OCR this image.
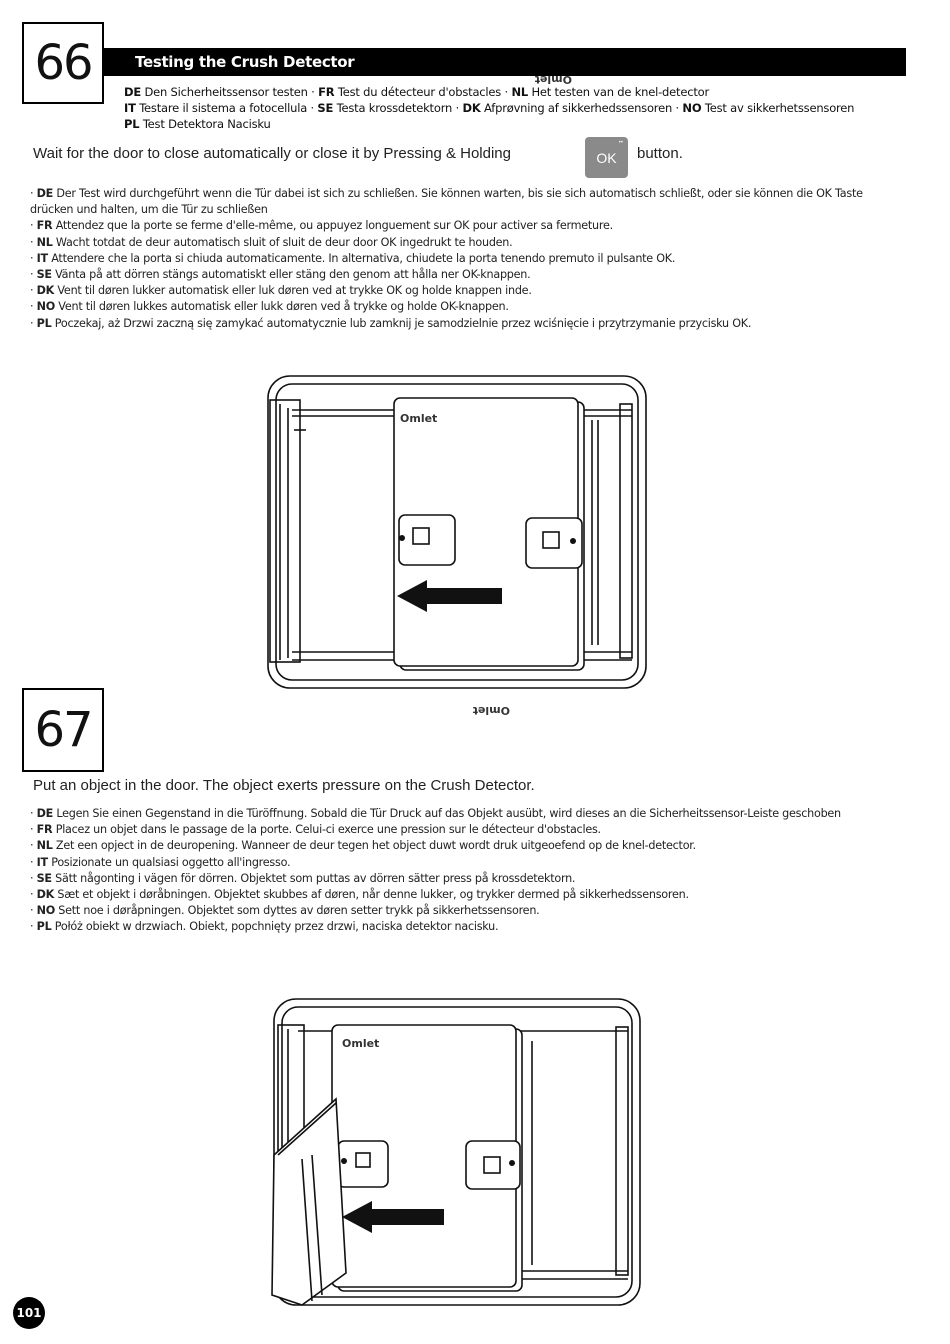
66	Testing the Crush Detector
DE Den Sicherheitssensor testen · FR Test du détecteur d'obstacles · NL Het testen van de knel-detector
IT Testare il sistema a fotocellula · SE Testa krossdetektorn · DK Afprøvning af sikkerhedssensoren · NO Test av sikkerhetssensoren
PL Test Detektora Nacisku
Wait for the door to close automatically or close it by Pressing & Holding
••
OK button.
· DE Der Test wird durchgeführt wenn die Tür dabei ist sich zu schließen. Sie können warten, bis sie sich automatisch schließt, oder sie können die OK Taste drücken und halten, um die Tür zu schließen
· FR Attendez que la porte se ferme d'elle-même, ou appuyez longuement sur OK pour activer sa fermeture.
· NL Wacht totdat de deur automatisch sluit of sluit de deur door OK ingedrukt te houden.
· IT Attendere che la porta si chiuda automaticamente. In alternativa, chiudete la porta tenendo premuto il pulsante OK.
· SE Vänta på att dörren stängs automatiskt eller stäng den genom att hålla ner OK-knappen.
· DK Vent til døren lukker automatisk eller luk døren ved at trykke OK og holde knappen inde.
· NO Vent til døren lukkes automatisk eller lukk døren ved å trykke og holde OK-knappen.
· PL Poczekaj, aż Drzwi zaczną się zamykać automatycznie lub zamknij je samodzielnie przez wciśnięcie i przytrzymanie przycisku OK.
Omlet
Omlet
67
Put an object in the door. The object exerts pressure on the Crush Detector.
· DE Legen Sie einen Gegenstand in die Türöffnung. Sobald die Tür Druck auf das Objekt ausübt, wird dieses an die Sicherheitssensor-Leiste geschoben
· FR Placez un objet dans le passage de la porte. Celui-ci exerce une pression sur le détecteur d'obstacles.
· NL Zet een opject in de deuropening. Wanneer de deur tegen het object duwt wordt druk uitgeoefend op de knel-detector.
· IT Posizionate un qualsiasi oggetto all'ingresso.
· SE Sätt någonting i vägen för dörren. Objektet som puttas av dörren sätter press på krossdetektorn.
· DK Sæt et objekt i døråbningen. Objektet skubbes af døren, når denne lukker, og trykker dermed på sikkerhedssensoren.
· NO Sett noe i døråpningen. Objektet som dyttes av døren setter trykk på sikkerhetssensoren.
· PL Połóż obiekt w drzwiach. Obiekt, popchnięty przez drzwi, naciska detektor nacisku.
Omlet
Omlet
101
